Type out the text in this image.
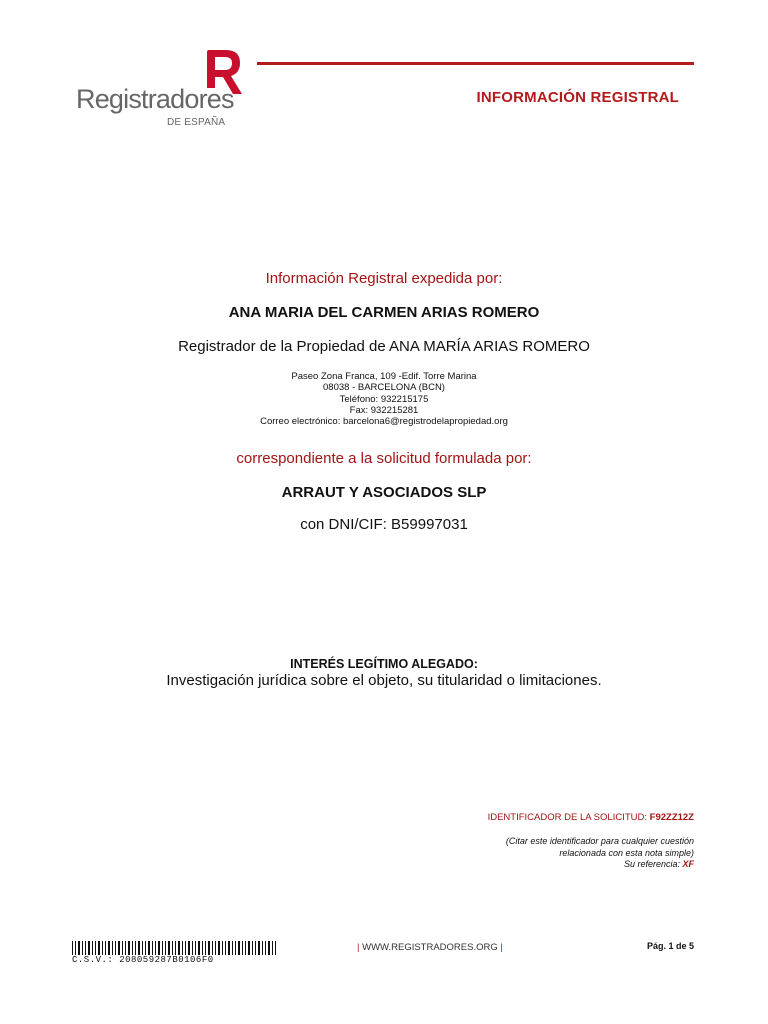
Registradores
DE ESPAÑA
INFORMACIÓN REGISTRAL
Información Registral expedida por:
ANA MARIA DEL CARMEN ARIAS ROMERO
Registrador de la Propiedad de ANA MARÍA ARIAS ROMERO
Paseo Zona Franca, 109 -Edif. Torre Marina
08038 - BARCELONA (BCN)
Teléfono: 932215175
Fax: 932215281
Correo electrónico: barcelona6@registrodelapropiedad.org
correspondiente a la solicitud formulada por:
ARRAUT Y ASOCIADOS SLP
con DNI/CIF: B59997031
INTERÉS LEGÍTIMO ALEGADO:
Investigación jurídica sobre el objeto, su titularidad o limitaciones.
IDENTIFICADOR DE LA SOLICITUD: F92ZZ12Z
(Citar este identificador para cualquier cuestión
relacionada con esta nota simple)
Su referencia: XF
C.S.V.: 208059287B0106F0
| WWW.REGISTRADORES.ORG |	Pág. 1 de 5
